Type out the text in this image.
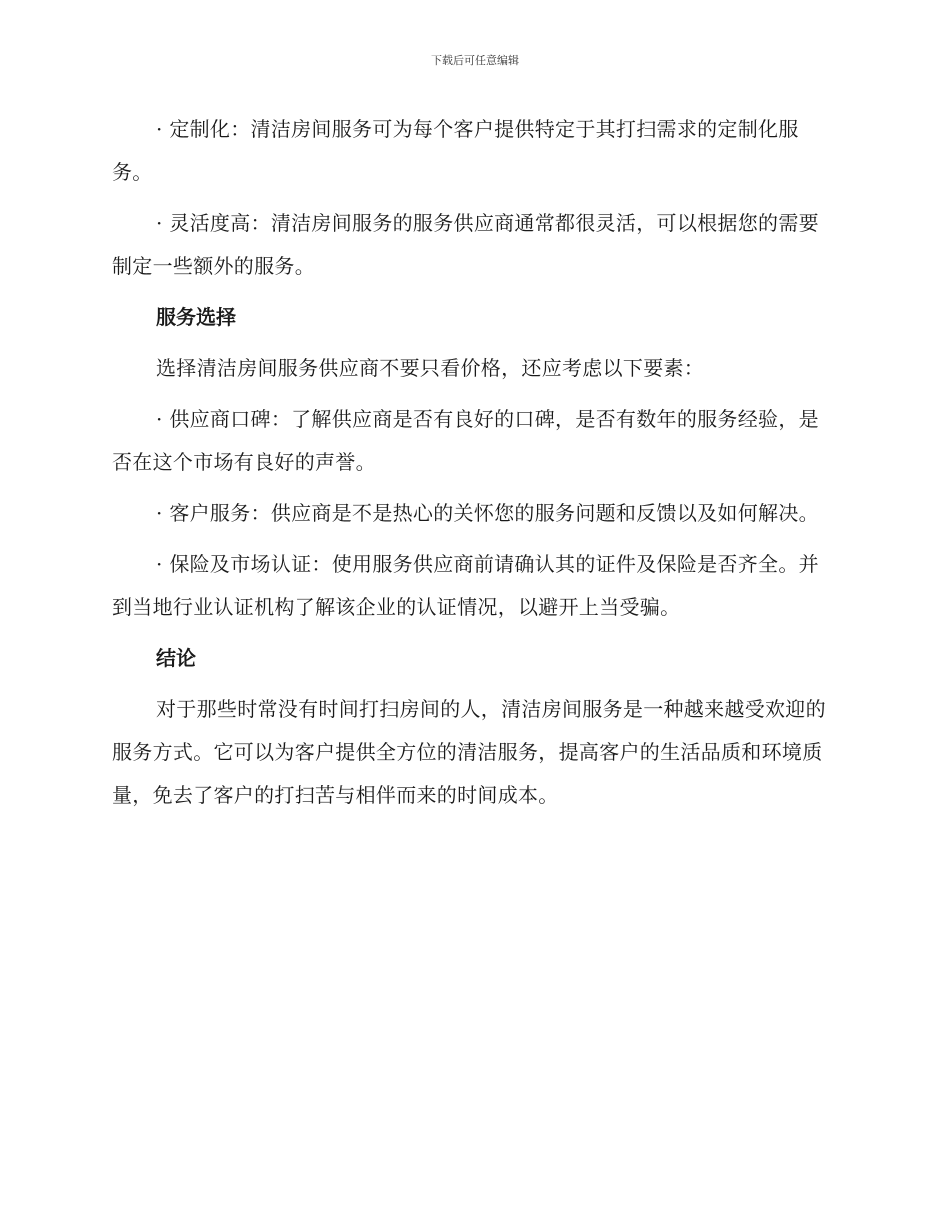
下载后可任意编辑

· 定制化：清洁房间服务可为每个客户提供特定于其打扫需求的定制化服务。

· 灵活度高：清洁房间服务的服务供应商通常都很灵活，可以根据您的需要制定一些额外的服务。

服务选择

选择清洁房间服务供应商不要只看价格，还应考虑以下要素：

· 供应商口碑：了解供应商是否有良好的口碑，是否有数年的服务经验，是否在这个市场有良好的声誉。

· 客户服务：供应商是不是热心的关怀您的服务问题和反馈以及如何解决。

· 保险及市场认证：使用服务供应商前请确认其的证件及保险是否齐全。并到当地行业认证机构了解该企业的认证情况，以避开上当受骗。

结论

对于那些时常没有时间打扫房间的人，清洁房间服务是一种越来越受欢迎的服务方式。它可以为客户提供全方位的清洁服务，提高客户的生活品质和环境质量，免去了客户的打扫苦与相伴而来的时间成本。
